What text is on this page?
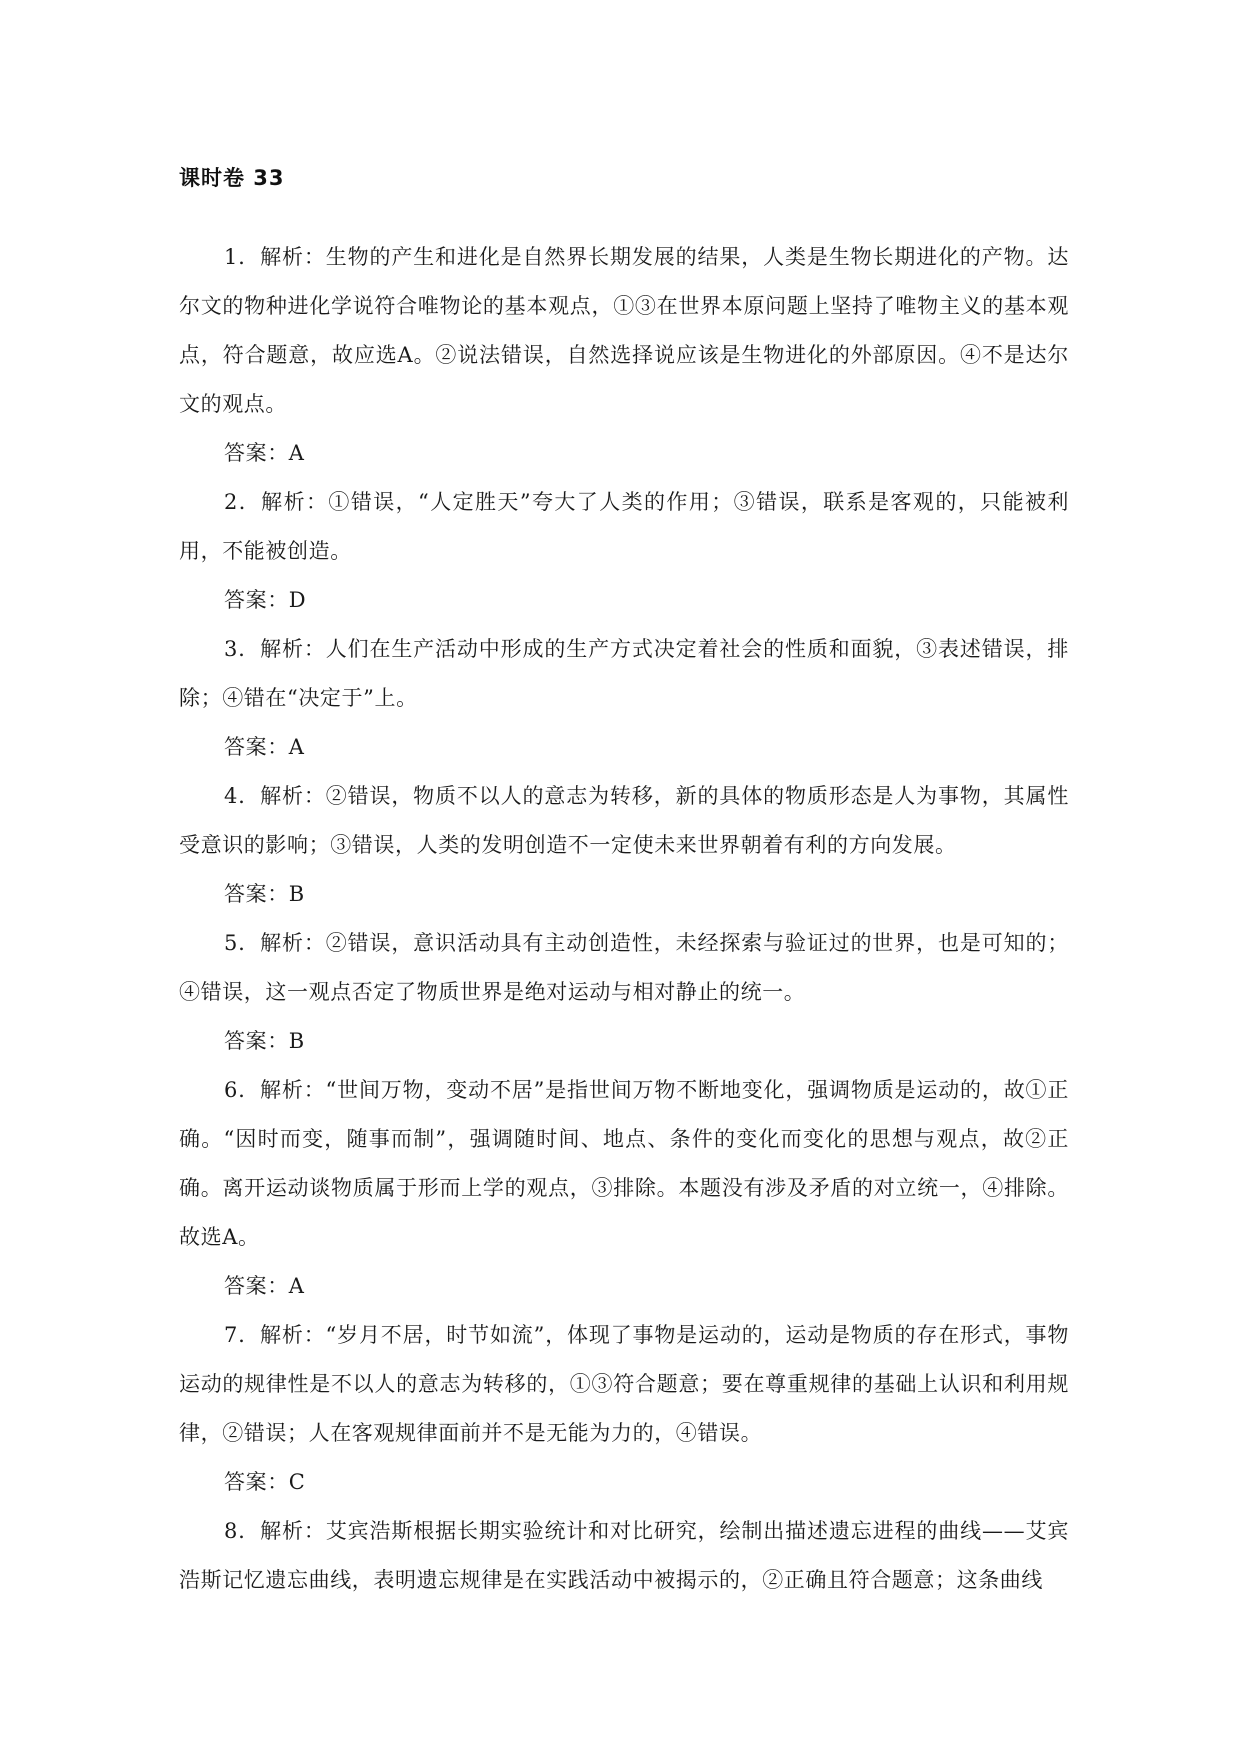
课时卷 33

1．解析：生物的产生和进化是自然界长期发展的结果，人类是生物长期进化的产物。达尔文的物种进化学说符合唯物论的基本观点，①③在世界本原问题上坚持了唯物主义的基本观点，符合题意，故应选A。②说法错误，自然选择说应该是生物进化的外部原因。④不是达尔文的观点。

答案：A

2．解析：①错误，“人定胜天”夸大了人类的作用；③错误，联系是客观的，只能被利用，不能被创造。

答案：D

3．解析：人们在生产活动中形成的生产方式决定着社会的性质和面貌，③表述错误，排除；④错在“决定于”上。

答案：A

4．解析：②错误，物质不以人的意志为转移，新的具体的物质形态是人为事物，其属性受意识的影响；③错误，人类的发明创造不一定使未来世界朝着有利的方向发展。

答案：B

5．解析：②错误，意识活动具有主动创造性，未经探索与验证过的世界，也是可知的；④错误，这一观点否定了物质世界是绝对运动与相对静止的统一。

答案：B

6．解析：“世间万物，变动不居”是指世间万物不断地变化，强调物质是运动的，故①正确。“因时而变，随事而制”，强调随时间、地点、条件的变化而变化的思想与观点，故②正确。离开运动谈物质属于形而上学的观点，③排除。本题没有涉及矛盾的对立统一，④排除。故选A。

答案：A

7．解析：“岁月不居，时节如流”，体现了事物是运动的，运动是物质的存在形式，事物运动的规律性是不以人的意志为转移的，①③符合题意；要在尊重规律的基础上认识和利用规律，②错误；人在客观规律面前并不是无能为力的，④错误。

答案：C

8．解析：艾宾浩斯根据长期实验统计和对比研究，绘制出描述遗忘进程的曲线——艾宾浩斯记忆遗忘曲线，表明遗忘规律是在实践活动中被揭示的，②正确且符合题意；这条曲线
